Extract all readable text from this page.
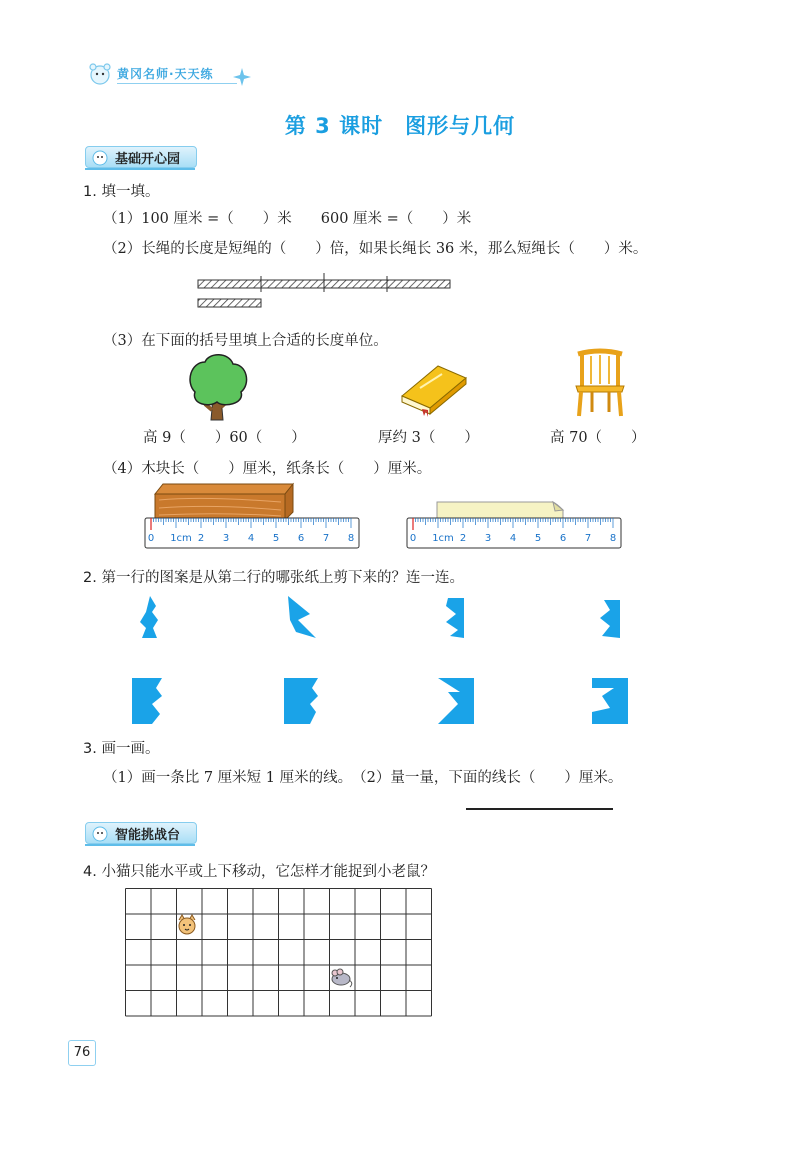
黄冈名师·天天练
第 3 课时　图形与几何
基础开心园
1. 填一填。
（1）100 厘米 =（　　）米　　600 厘米 =（　　）米
（2）长绳的长度是短绳的（　　）倍，如果长绳长 36 米，那么短绳长（　　）米。
（3）在下面的括号里填上合适的长度单位。
高 9（　　）60（　　）	厚约 3（　　）	高 70（　　）
（4）木块长（　　）厘米，纸条长（　　）厘米。
0 1cm 2 3 4 5 6 7 8	0 1cm 2 3 4 5 6 7 8
2. 第一行的图案是从第二行的哪张纸上剪下来的？连一连。
3. 画一画。
（1）画一条比 7 厘米短 1 厘米的线。　（2）量一量，下面的线长（　　）厘米。
智能挑战台
4. 小猫只能水平或上下移动，它怎样才能捉到小老鼠？
76
